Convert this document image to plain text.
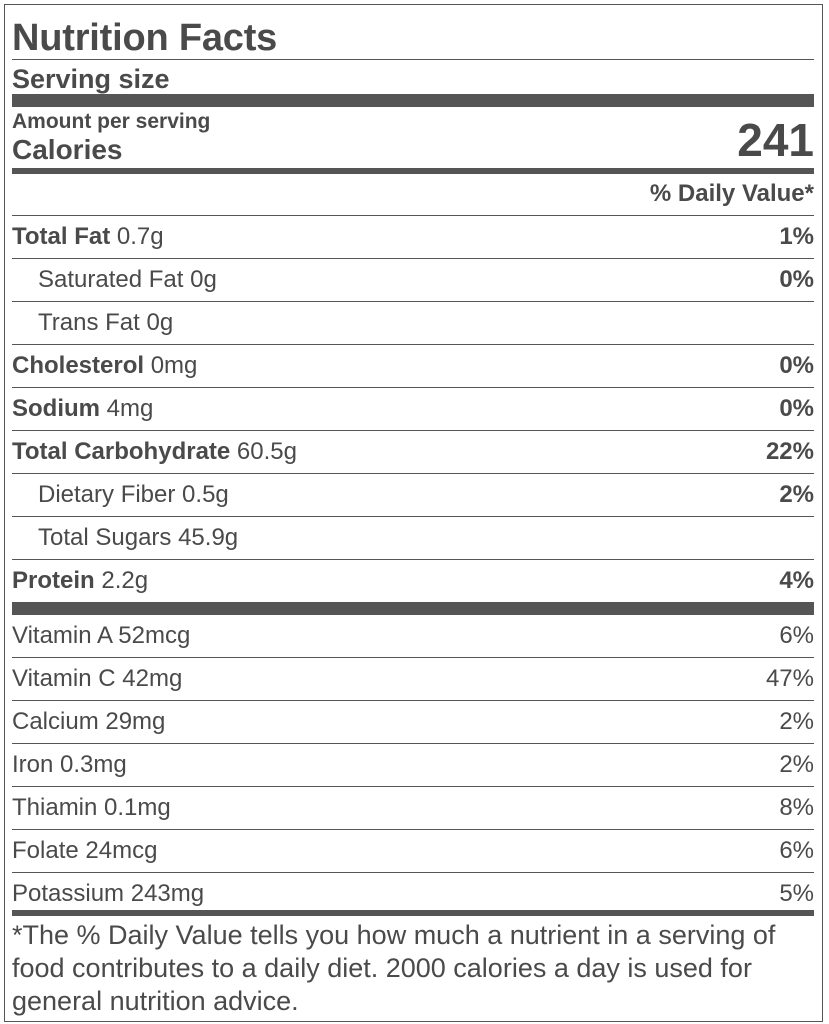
Nutrition Facts
Serving size
Amount per serving
Calories	241
% Daily Value*
Total Fat 0.7g	1%
Saturated Fat 0g	0%
Trans Fat 0g
Cholesterol 0mg	0%
Sodium 4mg	0%
Total Carbohydrate 60.5g	22%
Dietary Fiber 0.5g	2%
Total Sugars 45.9g
Protein 2.2g	4%
Vitamin A 52mcg	6%
Vitamin C 42mg	47%
Calcium 29mg	2%
Iron 0.3mg	2%
Thiamin 0.1mg	8%
Folate 24mcg	6%
Potassium 243mg	5%
*The % Daily Value tells you how much a nutrient in a serving of food contributes to a daily diet. 2000 calories a day is used for general nutrition advice.
